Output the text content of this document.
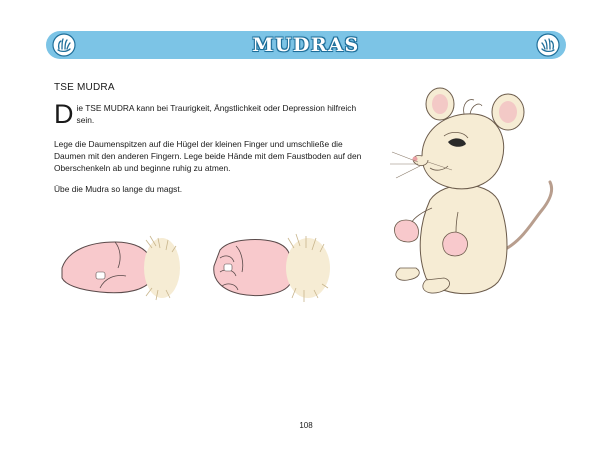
MUDRAS
TSE MUDRA

Die TSE MUDRA kann bei Traurigkeit, Ängstlichkeit oder Depression hilfreich sein.

Lege die Daumenspitzen auf die Hügel der kleinen Finger und umschließe die Daumen mit den anderen Fingern. Lege beide Hände mit dem Faustboden auf den Oberschenkeln ab und beginne ruhig zu atmen.

Übe die Mudra so lange du magst.

108
